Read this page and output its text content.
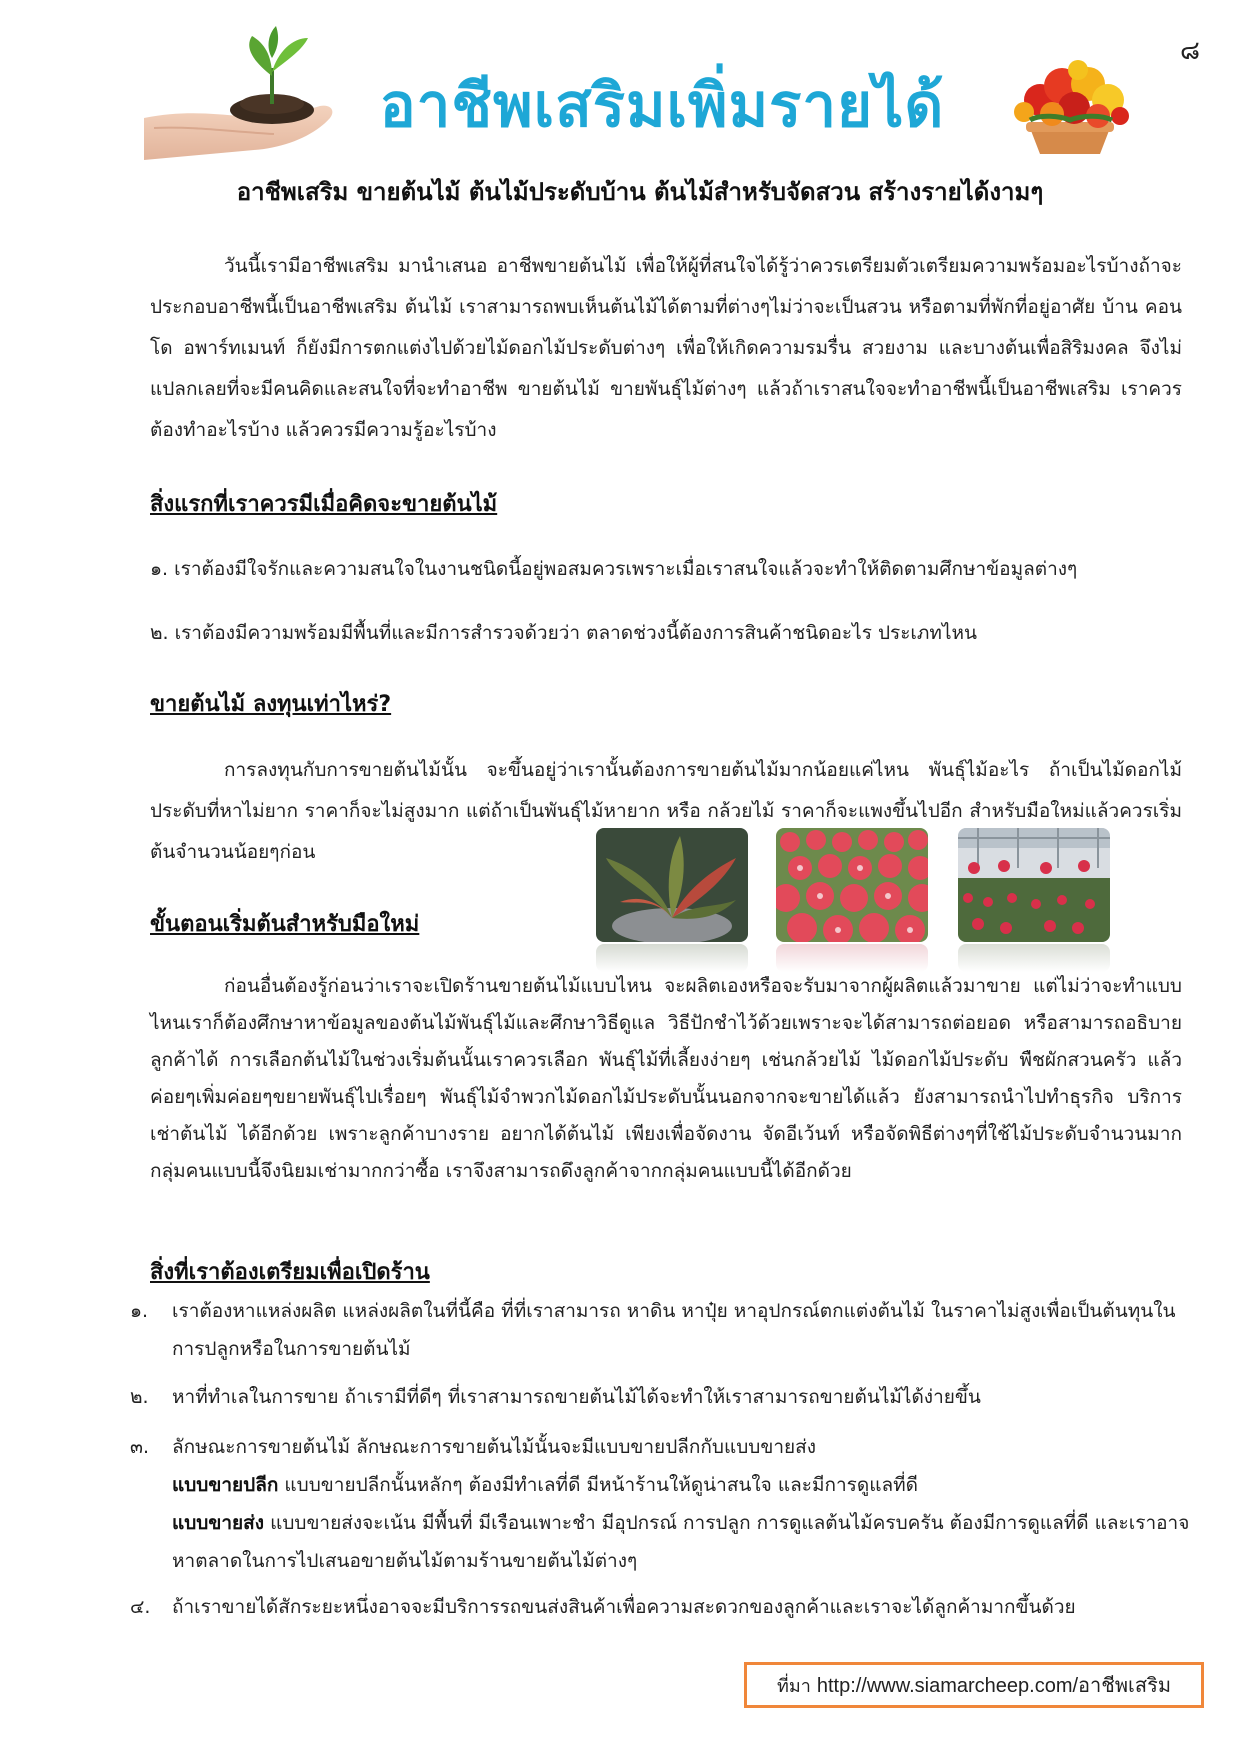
๘
อาชีพเสริมเพิ่มรายได้
อาชีพเสริม ขายต้นไม้ ต้นไม้ประดับบ้าน ต้นไม้สำหรับจัดสวน สร้างรายได้งามๆ

วันนี้เรามีอาชีพเสริม มานำเสนอ อาชีพขายต้นไม้ เพื่อให้ผู้ที่สนใจได้รู้ว่าควรเตรียมตัวเตรียมความพร้อมอะไรบ้างถ้าจะประกอบอาชีพนี้เป็นอาชีพเสริม ต้นไม้ เราสามารถพบเห็นต้นไม้ได้ตามที่ต่างๆไม่ว่าจะเป็นสวน หรือตามที่พักที่อยู่อาศัย บ้าน คอนโด อพาร์ทเมนท์ ก็ยังมีการตกแต่งไปด้วยไม้ดอกไม้ประดับต่างๆ เพื่อให้เกิดความรมรื่น สวยงาม และบางต้นเพื่อสิริมงคล จึงไม่แปลกเลยที่จะมีคนคิดและสนใจที่จะทำอาชีพ ขายต้นไม้ ขายพันธุ์ไม้ต่างๆ แล้วถ้าเราสนใจจะทำอาชีพนี้เป็นอาชีพเสริม เราควรต้องทำอะไรบ้าง แล้วควรมีความรู้อะไรบ้าง

สิ่งแรกที่เราควรมีเมื่อคิดจะขายต้นไม้
๑. เราต้องมีใจรักและความสนใจในงานชนิดนี้อยู่พอสมควรเพราะเมื่อเราสนใจแล้วจะทำให้ติดตามศึกษาข้อมูลต่างๆ
๒. เราต้องมีความพร้อมมีพื้นที่และมีการสำรวจด้วยว่า ตลาดช่วงนี้ต้องการสินค้าชนิดอะไร ประเภทไหน
ขายต้นไม้ ลงทุนเท่าไหร่?

การลงทุนกับการขายต้นไม้นั้น จะขึ้นอยู่ว่าเรานั้นต้องการขายต้นไม้มากน้อยแค่ไหน พันธุ์ไม้อะไร ถ้าเป็นไม้ดอกไม้ประดับที่หาไม่ยาก ราคาก็จะไม่สูงมาก แต่ถ้าเป็นพันธุ์ไม้หายาก หรือ กล้วยไม้ ราคาก็จะแพงขึ้นไปอีก สำหรับมือใหม่แล้วควรเริ่มต้นจำนวนน้อยๆก่อน

ขั้นตอนเริ่มต้นสำหรับมือใหม่

ก่อนอื่นต้องรู้ก่อนว่าเราจะเปิดร้านขายต้นไม้แบบไหน จะผลิตเองหรือจะรับมาจากผู้ผลิตแล้วมาขาย แต่ไม่ว่าจะทำแบบไหนเราก็ต้องศึกษาหาข้อมูลของต้นไม้พันธุ์ไม้และศึกษาวิธีดูแล วิธีปักชำไว้ด้วยเพราะจะได้สามารถต่อยอด หรือสามารถอธิบายลูกค้าได้ การเลือกต้นไม้ในช่วงเริ่มต้นนั้นเราควรเลือก พันธุ์ไม้ที่เลี้ยงง่ายๆ เช่นกล้วยไม้ ไม้ดอกไม้ประดับ พืชผักสวนครัว แล้วค่อยๆเพิ่มค่อยๆขยายพันธุ์ไปเรื่อยๆ พันธุ์ไม้จำพวกไม้ดอกไม้ประดับนั้นนอกจากจะขายได้แล้ว ยังสามารถนำไปทำธุรกิจ บริการเช่าต้นไม้ ได้อีกด้วย เพราะลูกค้าบางราย อยากได้ต้นไม้ เพียงเพื่อจัดงาน จัดอีเว้นท์ หรือจัดพิธีต่างๆที่ใช้ไม้ประดับจำนวนมาก กลุ่มคนแบบนี้จึงนิยมเช่ามากกว่าซื้อ เราจึงสามารถดึงลูกค้าจากกลุ่มคนแบบนี้ได้อีกด้วย

สิ่งที่เราต้องเตรียมเพื่อเปิดร้าน
๑.	เราต้องหาแหล่งผลิต แหล่งผลิตในที่นี้คือ ที่ที่เราสามารถ หาดิน หาปุ๋ย หาอุปกรณ์ตกแต่งต้นไม้ ในราคาไม่สูงเพื่อเป็นต้นทุนในการปลูกหรือในการขายต้นไม้
๒.	หาที่ทำเลในการขาย ถ้าเรามีที่ดีๆ ที่เราสามารถขายต้นไม้ได้จะทำให้เราสามารถขายต้นไม้ได้ง่ายขึ้น
๓.	ลักษณะการขายต้นไม้ ลักษณะการขายต้นไม้นั้นจะมีแบบขายปลีกกับแบบขายส่ง
แบบขายปลีก แบบขายปลีกนั้นหลักๆ ต้องมีทำเลที่ดี มีหน้าร้านให้ดูน่าสนใจ และมีการดูแลที่ดี
แบบขายส่ง แบบขายส่งจะเน้น มีพื้นที่ มีเรือนเพาะชำ มีอุปกรณ์ การปลูก การดูแลต้นไม้ครบครัน ต้องมีการดูแลที่ดี และเราอาจหาตลาดในการไปเสนอขายต้นไม้ตามร้านขายต้นไม้ต่างๆ
๔.	ถ้าเราขายได้สักระยะหนึ่งอาจจะมีบริการรถขนส่งสินค้าเพื่อความสะดวกของลูกค้าและเราจะได้ลูกค้ามากขึ้นด้วย
ที่มา http://www.siamarcheep.com/อาชีพเสริม
